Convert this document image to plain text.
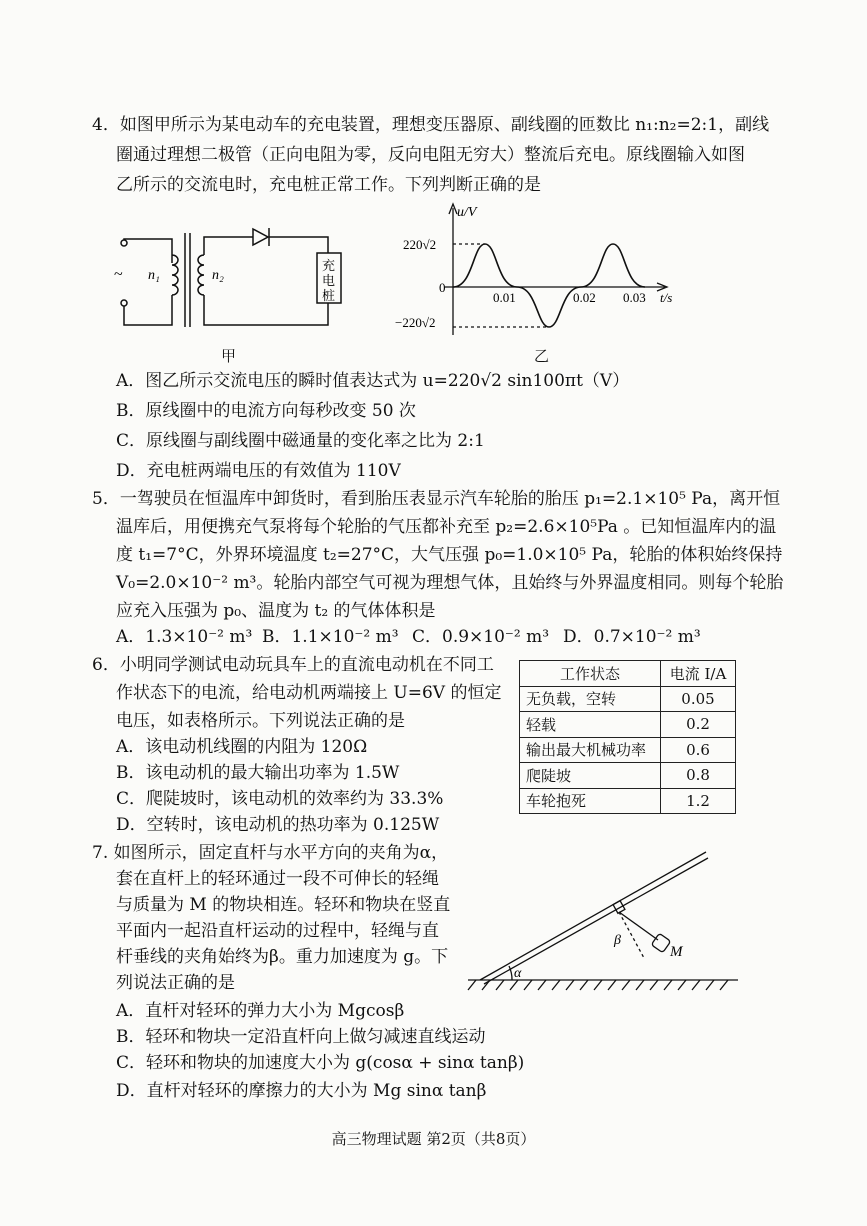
4．如图甲所示为某电动车的充电装置，理想变压器原、副线圈的匝数比 n₁:n₂=2:1，副线
圈通过理想二极管（正向电阻为零，反向电阻无穷大）整流后充电。原线圈输入如图
乙所示的交流电时，充电桩正常工作。下列判断正确的是
~ n₁	n₂
充
电
桩
甲
u/V
220√2
0
−220√2
0.01	0.02 0.03 t/s
乙
A．图乙所示交流电压的瞬时值表达式为 u=220√2 sin100πt（V）
B．原线圈中的电流方向每秒改变 50 次
C．原线圈与副线圈中磁通量的变化率之比为 2:1
D．充电桩两端电压的有效值为 110V
5．一驾驶员在恒温库中卸货时，看到胎压表显示汽车轮胎的胎压 p₁=2.1×10⁵ Pa，离开恒
温库后，用便携充气泵将每个轮胎的气压都补充至 p₂=2.6×10⁵Pa 。已知恒温库内的温
度 t₁=7°C，外界环境温度 t₂=27°C，大气压强 p₀=1.0×10⁵ Pa，轮胎的体积始终保持
V₀=2.0×10⁻² m³。轮胎内部空气可视为理想气体，且始终与外界温度相同。则每个轮胎
应充入压强为 p₀、温度为 t₂ 的气体体积是
A．1.3×10⁻² m³ B．1.1×10⁻² m³ C．0.9×10⁻² m³ D．0.7×10⁻² m³
6．小明同学测试电动玩具车上的直流电动机在不同工
作状态下的电流，给电动机两端接上 U=6V 的恒定
电压，如表格所示。下列说法正确的是
A．该电动机线圈的内阻为 120Ω
B．该电动机的最大输出功率为 1.5W
C．爬陡坡时，该电动机的效率约为 33.3%
D．空转时，该电动机的热功率为 0.125W
工作状态	电流 I/A
无负载，空转	0.05
轻载	0.2
输出最大机械功率	0.6
爬陡坡	0.8
车轮抱死	1.2
7. 如图所示，固定直杆与水平方向的夹角为α，
套在直杆上的轻环通过一段不可伸长的轻绳
与质量为 M 的物块相连。轻环和物块在竖直
平面内一起沿直杆运动的过程中，轻绳与直
杆垂线的夹角始终为β。重力加速度为 g。下
列说法正确的是
A．直杆对轻环的弹力大小为 Mgcosβ
B．轻环和物块一定沿直杆向上做匀减速直线运动
C．轻环和物块的加速度大小为 g(cosα + sinα tanβ)
D．直杆对轻环的摩擦力的大小为 Mg sinα tanβ
α
β
M
高三物理试题 第2页（共8页）
